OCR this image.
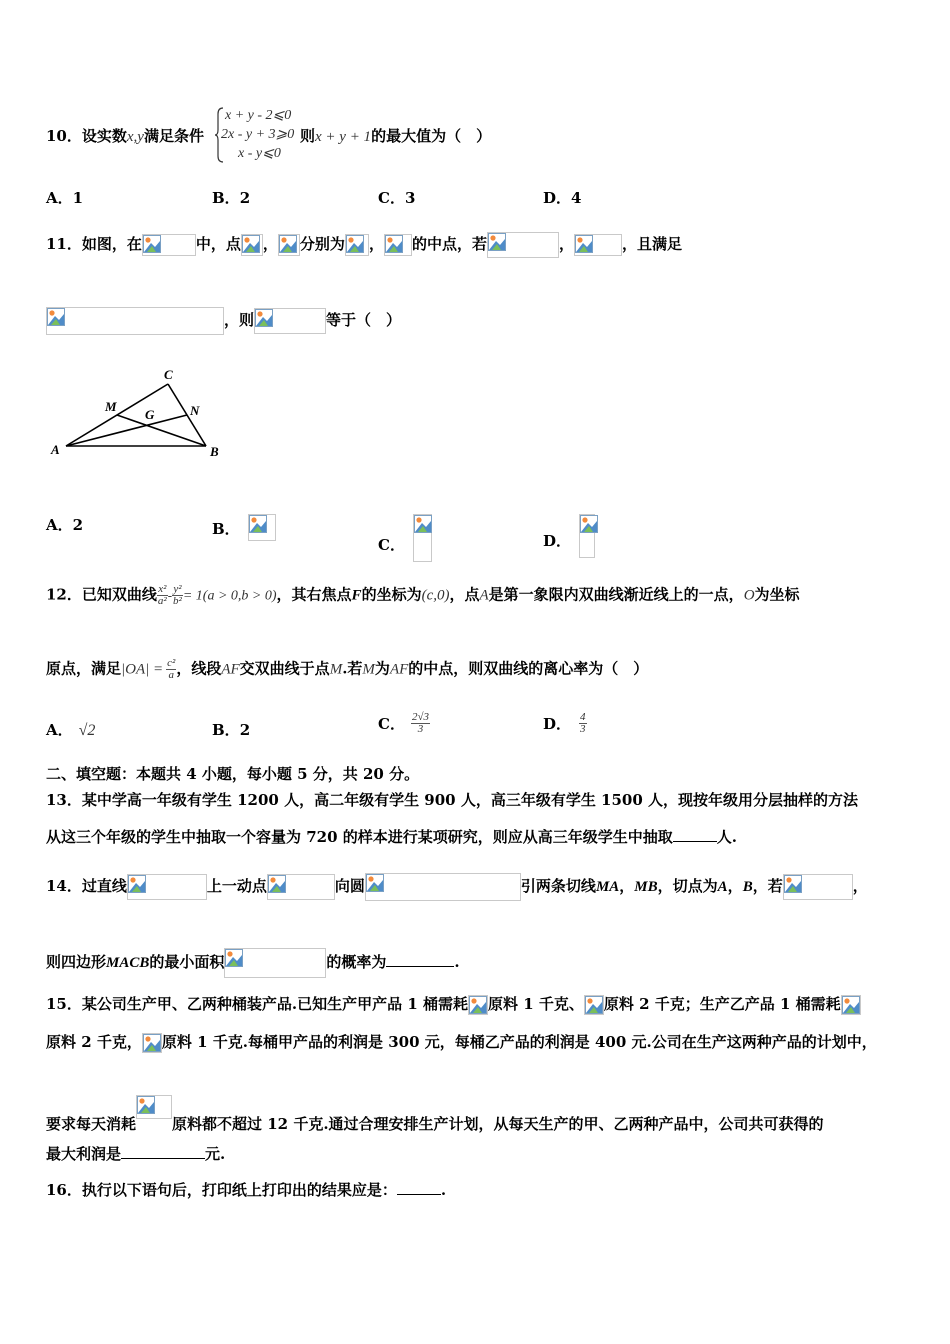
10．设实数x,y满足条件	则x + y + 1的最大值为（　）
x + y - 2⩽0
2x - y + 3⩾0
x - y⩽0
A．1	B．2	C．3	D．4
11．如图，在	中，点 ， 分别为 ， 的中点，若	，	，且满足
，则	等于（　）
A	B
C
M	N
G
A．2	B．
C．	D．
12．已知双曲线 $\frac{\text{x²}}{\text{a²}} - \frac{\text{y²}}{\text{b²}} = 1(a > 0,b > 0)$，其右焦点F的坐标为(c,0)，点A是第一象限内双曲线渐近线上的一点，O为坐标
原点，满足$|OA| = \frac{\text{c²}}{a}$ ，线段AF交双曲线于点M.若M为AF的中点，则双曲线的离心率为（　）
A． √2	B．2	C． $\frac{2√3}{3}$	D． $\frac{4}{3}$
二、填空题：本题共 4 小题，每小题 5 分，共 20 分。
13．某中学高一年级有学生 1200 人，高二年级有学生 900 人，高三年级有学生 1500 人，现按年级用分层抽样的方法
从这三个年级的学生中抽取一个容量为 720 的样本进行某项研究，则应从高三年级学生中抽取	人.
14．过直线	上一动点	向圆	引两条切线MA，MB，切点为A，B，若	，
则四边形MACB的最小面积	的概率为	.
15．某公司生产甲、乙两种桶装产品.已知生产甲产品 1 桶需耗 原料 1 千克、 原料 2 千克；生产乙产品 1 桶需耗
原料 2 千克， 原料 1 千克.每桶甲产品的利润是 300 元，每桶乙产品的利润是 400 元.公司在生产这两种产品的计划中，
要求每天消耗 原料都不超过 12 千克.通过合理安排生产计划，从每天生产的甲、乙两种产品中，公司共可获得的
最大利润是	元.
16．执行以下语句后，打印纸上打印出的结果应是：	.
